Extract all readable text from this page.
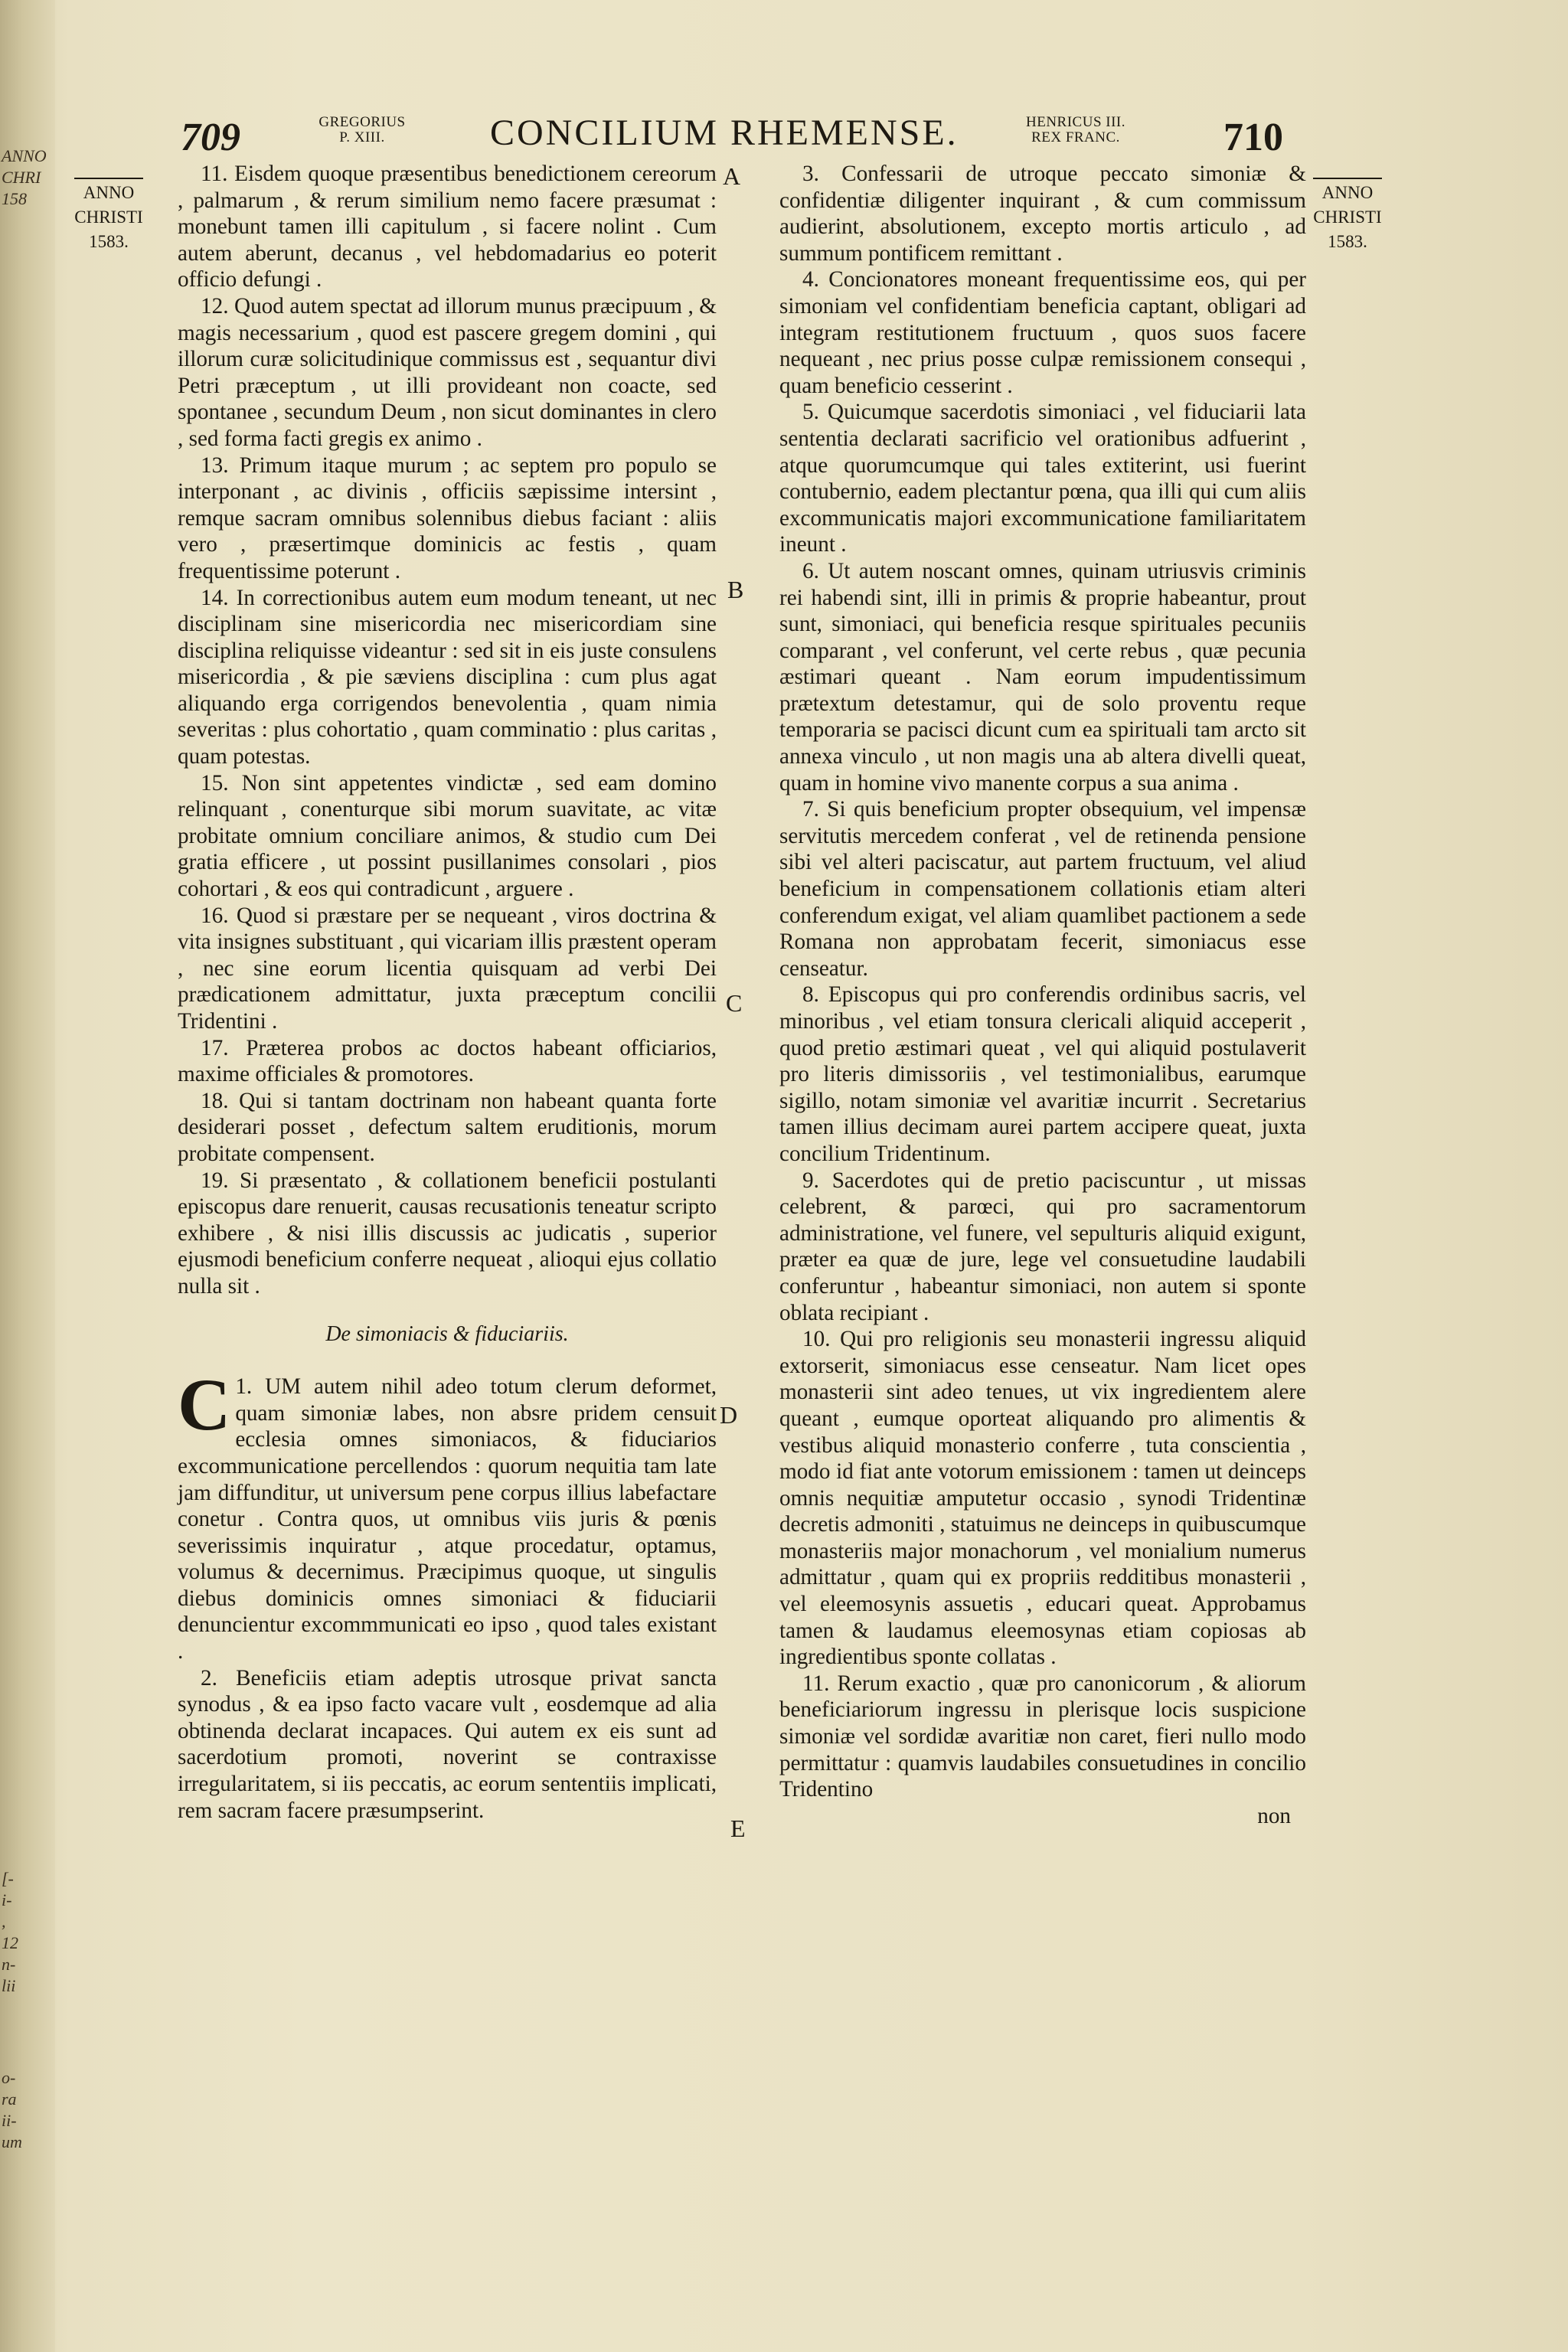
ANNO
CHRI
158
[-
i-
,
12
n-
lii
o-
ra
ii-
um
709	GREGORIUS
P. XIII.	CONCILIUM RHEMENSE.	HENRICUS III.
REX FRANC.	710
ANNO
CHRISTI
1583.
ANNO
CHRISTI
1583.
A
B
C
D
E

11. Eisdem quoque præsentibus benedictionem cereorum , palmarum , & rerum similium nemo facere præsumat : monebunt tamen illi capitulum , si facere nolint . Cum autem aberunt, decanus , vel hebdomadarius eo poterit officio defungi .

12. Quod autem spectat ad illorum munus præcipuum , & magis necessarium , quod est pascere gregem domini , qui illorum curæ solicitudinique commissus est , sequantur divi Petri præceptum , ut illi provideant non coacte, sed spontanee , secundum Deum , non sicut dominantes in clero , sed forma facti gregis ex animo .

13. Primum itaque murum ; ac septem pro populo se interponant , ac divinis , officiis sæpissime intersint , remque sacram omnibus solennibus diebus faciant : aliis vero , præsertimque dominicis ac festis , quam frequentissime poterunt .

14. In correctionibus autem eum modum teneant, ut nec disciplinam sine misericordia nec misericordiam sine disciplina reliquisse videantur : sed sit in eis juste consulens misericordia , & pie sæviens disciplina : cum plus agat aliquando erga corrigendos benevolentia , quam nimia severitas : plus cohortatio , quam comminatio : plus caritas , quam potestas.

15. Non sint appetentes vindictæ , sed eam domino relinquant , conenturque sibi morum suavitate, ac vitæ probitate omnium conciliare animos, & studio cum Dei gratia efficere , ut possint pusillanimes consolari , pios cohortari , & eos qui contradicunt , arguere .

16. Quod si præstare per se nequeant , viros doctrina & vita insignes substituant , qui vicariam illis præstent operam , nec sine eorum licentia quisquam ad verbi Dei prædicationem admittatur, juxta præceptum concilii Tridentini .

17. Præterea probos ac doctos habeant officiarios, maxime officiales & promotores.

18. Qui si tantam doctrinam non habeant quanta forte desiderari posset , defectum saltem eruditionis, morum probitate compensent.

19. Si præsentato , & collationem beneficii postulanti episcopus dare renuerit, causas recusationis teneatur scripto exhibere , & nisi illis discussis ac judicatis , superior ejusmodi beneficium conferre nequeat , alioqui ejus collatio nulla sit .

De simoniacis & fiduciariis.

C 1. UM autem nihil adeo totum clerum deformet, quam simoniæ labes, non absre pridem censuit ecclesia omnes simoniacos, & fiduciarios excommunicatione percellendos : quorum nequitia tam late jam diffunditur, ut universum pene corpus illius labefactare conetur . Contra quos, ut omnibus viis juris & pœnis severissimis inquiratur , atque procedatur, optamus, volumus & decernimus. Præcipimus quoque, ut singulis diebus dominicis omnes simoniaci & fiduciarii denuncientur excommmunicati eo ipso , quod tales existant .

2. Beneficiis etiam adeptis utrosque privat sancta synodus , & ea ipso facto vacare vult , eosdemque ad alia obtinenda declarat incapaces. Qui autem ex eis sunt ad sacerdotium promoti, noverint se contraxisse irregularitatem, si iis peccatis, ac eorum sententiis implicati, rem sacram facere præsumpserint.

3. Confessarii de utroque peccato simoniæ & confidentiæ diligenter inquirant , & cum commissum audierint, absolutionem, excepto mortis articulo , ad summum pontificem remittant .

4. Concionatores moneant frequentissime eos, qui per simoniam vel confidentiam beneficia captant, obligari ad integram restitutionem fructuum , quos suos facere nequeant , nec prius posse culpæ remissionem consequi , quam beneficio cesserint .

5. Quicumque sacerdotis simoniaci , vel fiduciarii lata sententia declarati sacrificio vel orationibus adfuerint , atque quorumcumque qui tales extiterint, usi fuerint contubernio, eadem plectantur pœna, qua illi qui cum aliis excommunicatis majori excommunicatione familiaritatem ineunt .

6. Ut autem noscant omnes, quinam utriusvis criminis rei habendi sint, illi in primis & proprie habeantur, prout sunt, simoniaci, qui beneficia resque spirituales pecuniis comparant , vel conferunt, vel certe rebus , quæ pecunia æstimari queant . Nam eorum impudentissimum prætextum detestamur, qui de solo proventu reque temporaria se pacisci dicunt cum ea spirituali tam arcto sit annexa vinculo , ut non magis una ab altera divelli queat, quam in homine vivo manente corpus a sua anima .

7. Si quis beneficium propter obsequium, vel impensæ servitutis mercedem conferat , vel de retinenda pensione sibi vel alteri paciscatur, aut partem fructuum, vel aliud beneficium in compensationem collationis etiam alteri conferendum exigat, vel aliam quamlibet pactionem a sede Romana non approbatam fecerit, simoniacus esse censeatur.

8. Episcopus qui pro conferendis ordinibus sacris, vel minoribus , vel etiam tonsura clericali aliquid acceperit , quod pretio æstimari queat , vel qui aliquid postulaverit pro literis dimissoriis , vel testimonialibus, earumque sigillo, notam simoniæ vel avaritiæ incurrit . Secretarius tamen illius decimam aurei partem accipere queat, juxta concilium Tridentinum.

9. Sacerdotes qui de pretio paciscuntur , ut missas celebrent, & parœci, qui pro sacramentorum administratione, vel funere, vel sepulturis aliquid exigunt, præter ea quæ de jure, lege vel consuetudine laudabili conferuntur , habeantur simoniaci, non autem si sponte oblata recipiant .

10. Qui pro religionis seu monasterii ingressu aliquid extorserit, simoniacus esse censeatur. Nam licet opes monasterii sint adeo tenues, ut vix ingredientem alere queant , eumque oporteat aliquando pro alimentis & vestibus aliquid monasterio conferre , tuta conscientia , modo id fiat ante votorum emissionem : tamen ut deinceps omnis nequitiæ amputetur occasio , synodi Tridentinæ decretis admoniti , statuimus ne deinceps in quibuscumque monasteriis major monachorum , vel monialium numerus admittatur , quam qui ex propriis redditibus monasterii , vel eleemosynis assuetis , educari queat. Approbamus tamen & laudamus eleemosynas etiam copiosas ab ingredientibus sponte collatas .

11. Rerum exactio , quæ pro canonicorum , & aliorum beneficiariorum ingressu in plerisque locis suspicione simoniæ vel sordidæ avaritiæ non caret, fieri nullo modo permittatur : quamvis laudabiles consuetudines in concilio Tridentino

non
